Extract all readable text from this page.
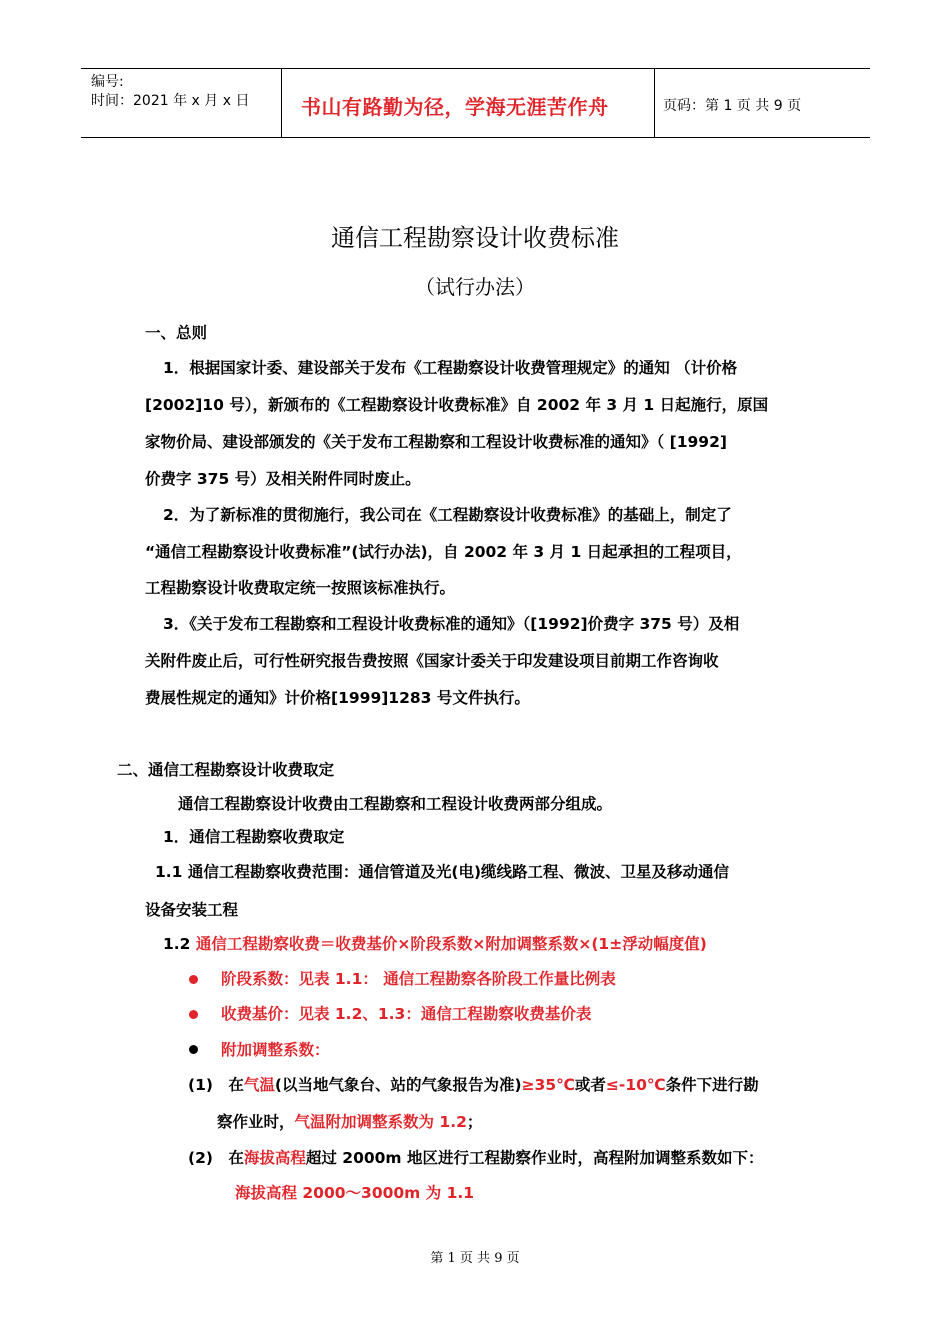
编号:
时间：2021 年 x 月 x 日	书山有路勤为径，学海无涯苦作舟	页码：第 1 页 共 9 页
通信工程勘察设计收费标准
（试行办法）
一、总则
1．根据国家计委、建设部关于发布《工程勘察设计收费管理规定》的通知 （计价格
[2002]10 号），新颁布的《工程勘察设计收费标准》自 2002 年 3 月 1 日起施行，原国
家物价局、建设部颁发的《关于发布工程勘察和工程设计收费标准的通知》（ [1992]
价费字 375 号）及相关附件同时废止。
2．为了新标准的贯彻施行，我公司在《工程勘察设计收费标准》的基础上，制定了
“通信工程勘察设计收费标准”(试行办法)，自 2002 年 3 月 1 日起承担的工程项目，
工程勘察设计收费取定统一按照该标准执行。
3．《关于发布工程勘察和工程设计收费标准的通知》（[1992]价费字 375 号）及相
关附件废止后，可行性研究报告费按照《国家计委关于印发建设项目前期工作咨询收
费展性规定的通知》计价格[1999]1283 号文件执行。
二、通信工程勘察设计收费取定
通信工程勘察设计收费由工程勘察和工程设计收费两部分组成。
1．通信工程勘察收费取定
1.1 通信工程勘察收费范围：通信管道及光(电)缆线路工程、微波、卫星及移动通信
设备安装工程
1.2 通信工程勘察收费＝收费基价×阶段系数×附加调整系数×(1±浮动幅度值)
阶段系数：见表 1.1： 通信工程勘察各阶段工作量比例表
收费基价：见表 1.2、1.3：通信工程勘察收费基价表
附加调整系数：
(1) 在气温(以当地气象台、站的气象报告为准)≥35℃或者≤-10℃条件下进行勘
察作业时，气温附加调整系数为 1.2；
(2) 在海拔高程超过 2000m 地区进行工程勘察作业时，高程附加调整系数如下：
海拔高程 2000～3000m 为 1.1
第 1 页 共 9 页
